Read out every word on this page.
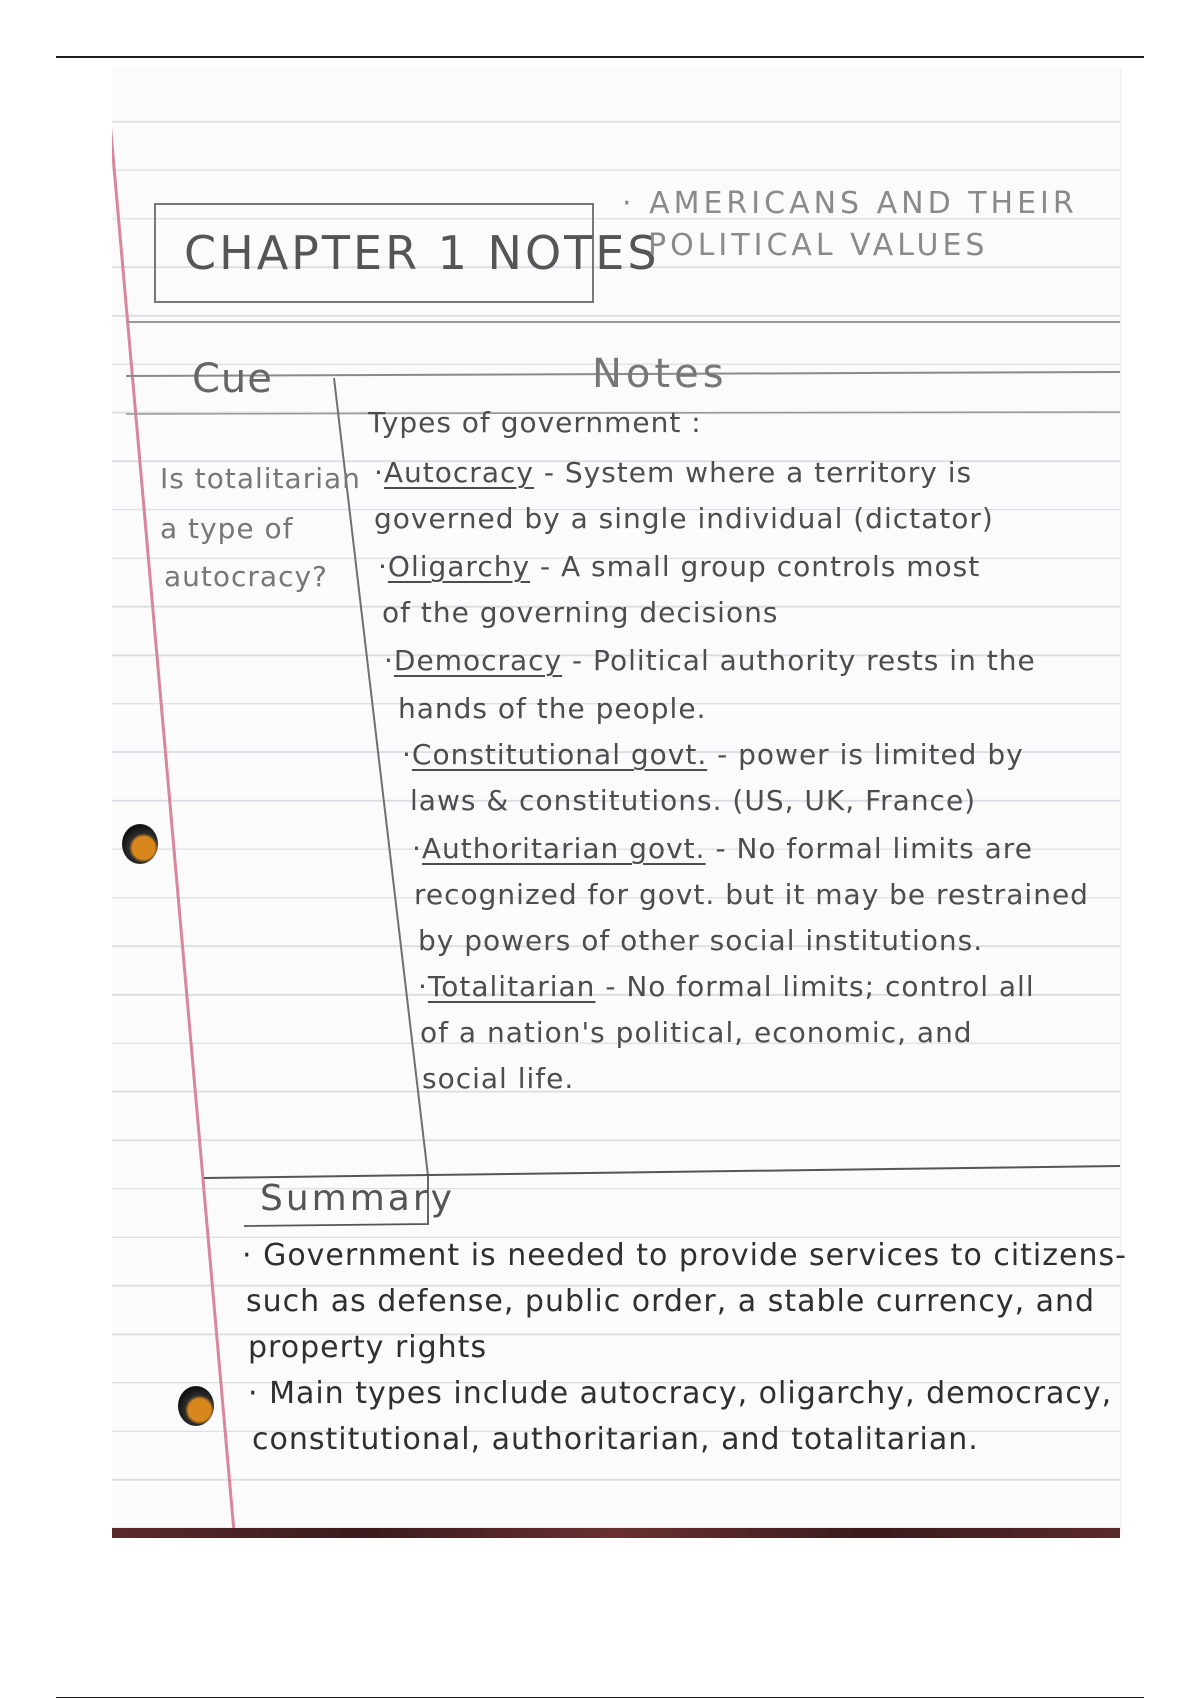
CHAPTER 1 NOTES
· AMERICANS AND THEIR
POLITICAL VALUES
Cue	Notes
Is totalitarian
a type of
autocracy?
Types of government :
·Autocracy - System where a territory is
governed by a single individual (dictator)
·Oligarchy - A small group controls most
of the governing decisions
·Democracy - Political authority rests in the
hands of the people.
·Constitutional govt. - power is limited by
laws & constitutions. (US, UK, France)
·Authoritarian govt. - No formal limits are
recognized for govt. but it may be restrained
by powers of other social institutions.
·Totalitarian - No formal limits; control all
of a nation's political, economic, and
social life.
Summary
· Government is needed to provide services to citizens-
such as defense, public order, a stable currency, and
property rights
· Main types include autocracy, oligarchy, democracy,
constitutional, authoritarian, and totalitarian.
